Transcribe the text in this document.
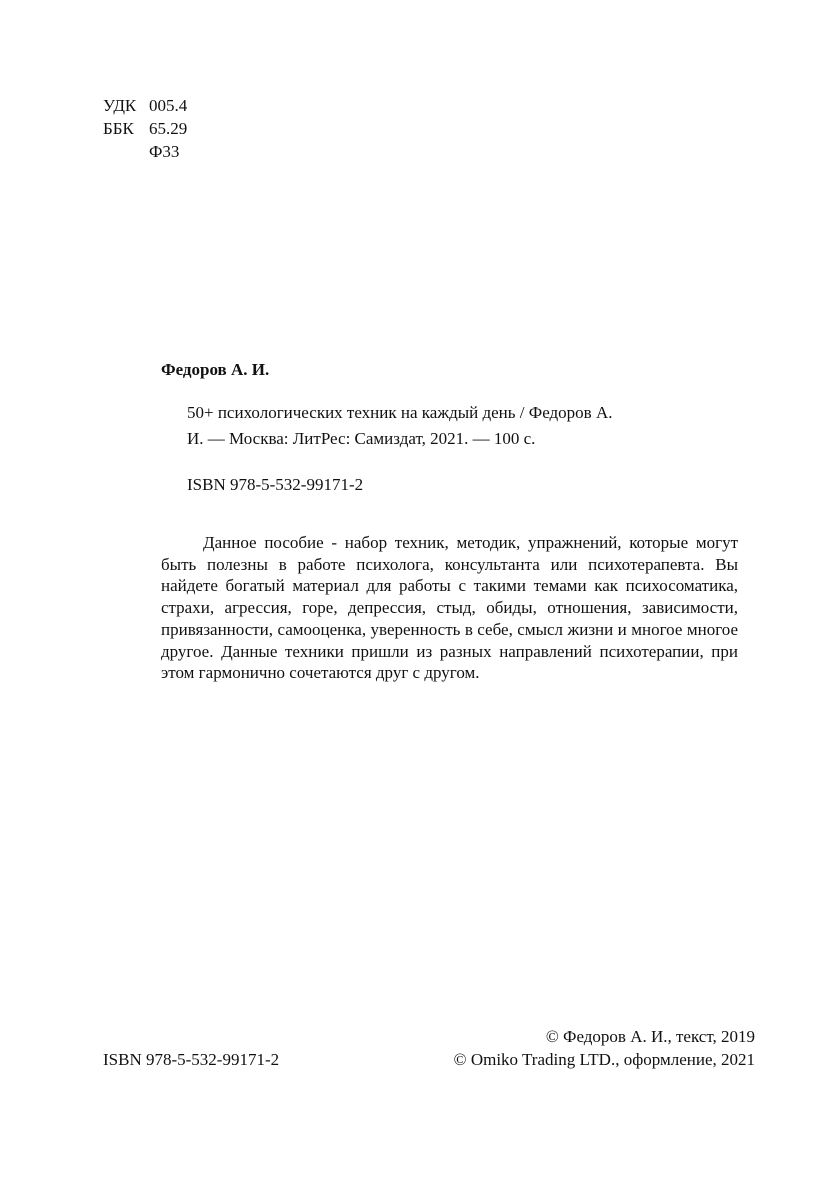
УДК 005.4
ББК 65.29
Ф33
Федоров А. И.
50+ психологических техник на каждый день / Федоров А.
И. — Москва: ЛитРес: Самиздат, 2021. — 100 с.
ISBN 978-5-532-99171-2
Данное пособие - набор техник, методик, упражнений, которые могут быть полезны в работе психолога, консультанта или психотерапевта. Вы найдете богатый материал для работы с такими темами как психосоматика, страхи, агрессия, горе, депрессия, стыд, обиды, отношения, зависимости, привязанности, самооценка, уверенность в себе, смысл жизни и многое многое другое. Данные техники пришли из разных направлений психотерапии, при этом гармонично сочетаются друг с другом.
ISBN 978-5-532-99171-2
© Федоров А. И., текст, 2019
© Omiko Trading LTD., оформление, 2021
